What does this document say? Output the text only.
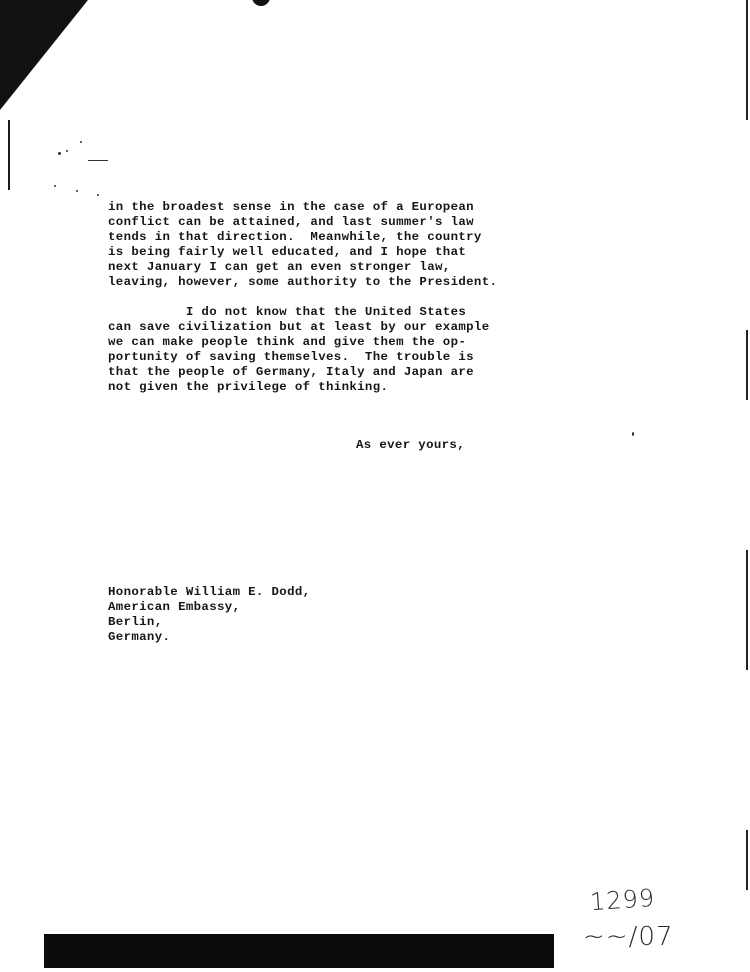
in the broadest sense in the case of a European

conflict can be attained, and last summer's law

tends in that direction.  Meanwhile, the country

is being fairly well educated, and I hope that

next January I can get an even stronger law,

leaving, however, some authority to the President.

I do not know that the United States

can save civilization but at least by our example

we can make people think and give them the op-

portunity of saving themselves.  The trouble is

that the people of Germany, Italy and Japan are

not given the privilege of thinking.

As ever yours,

Honorable William E. Dodd,

American Embassy,

Berlin,

Germany.

1299
~~/07
